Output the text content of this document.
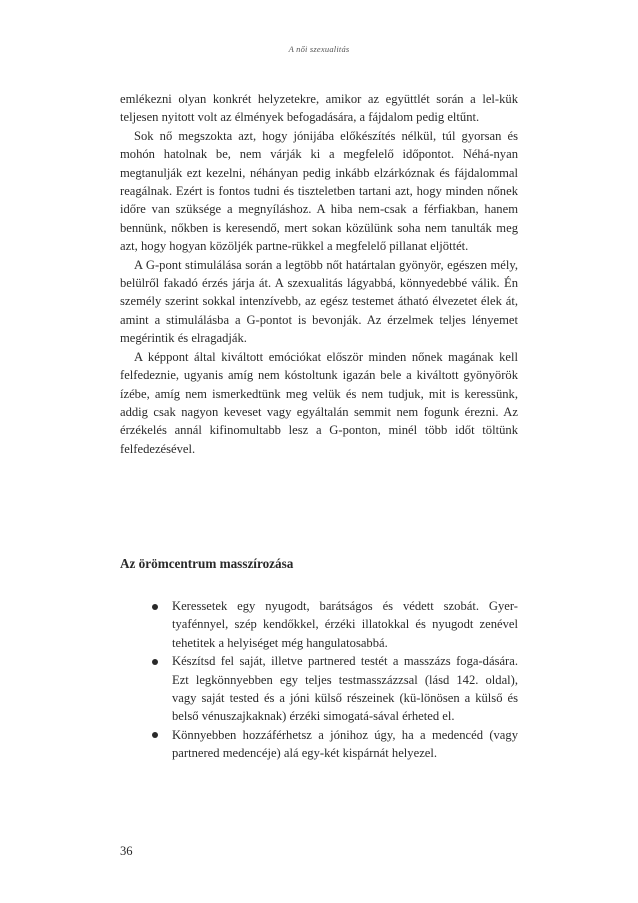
A női szexualitás

emlékezni olyan konkrét helyzetekre, amikor az együttlét során a lel-kük teljesen nyitott volt az élmények befogadására, a fájdalom pedig eltűnt.

Sok nő megszokta azt, hogy jónijába előkészítés nélkül, túl gyorsan és mohón hatolnak be, nem várják ki a megfelelő időpontot. Néhá-nyan megtanulják ezt kezelni, néhányan pedig inkább elzárkóznak és fájdalommal reagálnak. Ezért is fontos tudni és tiszteletben tartani azt, hogy minden nőnek időre van szüksége a megnyíláshoz. A hiba nem-csak a férfiakban, hanem bennünk, nőkben is keresendő, mert sokan közülünk soha nem tanulták meg azt, hogy hogyan közöljék partne-rükkel a megfelelő pillanat eljöttét.

A G-pont stimulálása során a legtöbb nőt határtalan gyönyör, egészen mély, belülről fakadó érzés járja át. A szexualitás lágyabbá, könnyedebbé válik. Én személy szerint sokkal intenzívebb, az egész testemet átható élvezetet élek át, amint a stimulálásba a G-pontot is bevonják. Az érzelmek teljes lényemet megérintik és elragadják.

A képpont által kiváltott emóciókat először minden nőnek magának kell felfedeznie, ugyanis amíg nem kóstoltunk igazán bele a kiváltott gyönyörök ízébe, amíg nem ismerkedtünk meg velük és nem tudjuk, mit is keressünk, addig csak nagyon keveset vagy egyáltalán semmit nem fogunk érezni. Az érzékelés annál kifinomultabb lesz a G-ponton, minél több időt töltünk felfedezésével.

Az örömcentrum masszírozása
Keressetek egy nyugodt, barátságos és védett szobát. Gyer-tyafénnyel, szép kendőkkel, érzéki illatokkal és nyugodt zenével tehetitek a helyiséget még hangulatosabbá.
Készítsd fel saját, illetve partnered testét a masszázs foga-dására. Ezt legkönnyebben egy teljes testmasszázzsal (lásd 142. oldal), vagy saját tested és a jóni külső részeinek (kü-lönösen a külső és belső vénuszajkaknak) érzéki simogatá-sával érheted el.
Könnyebben hozzáférhetsz a jónihoz úgy, ha a medencéd (vagy partnered medencéje) alá egy-két kispárnát helyezel.
36
